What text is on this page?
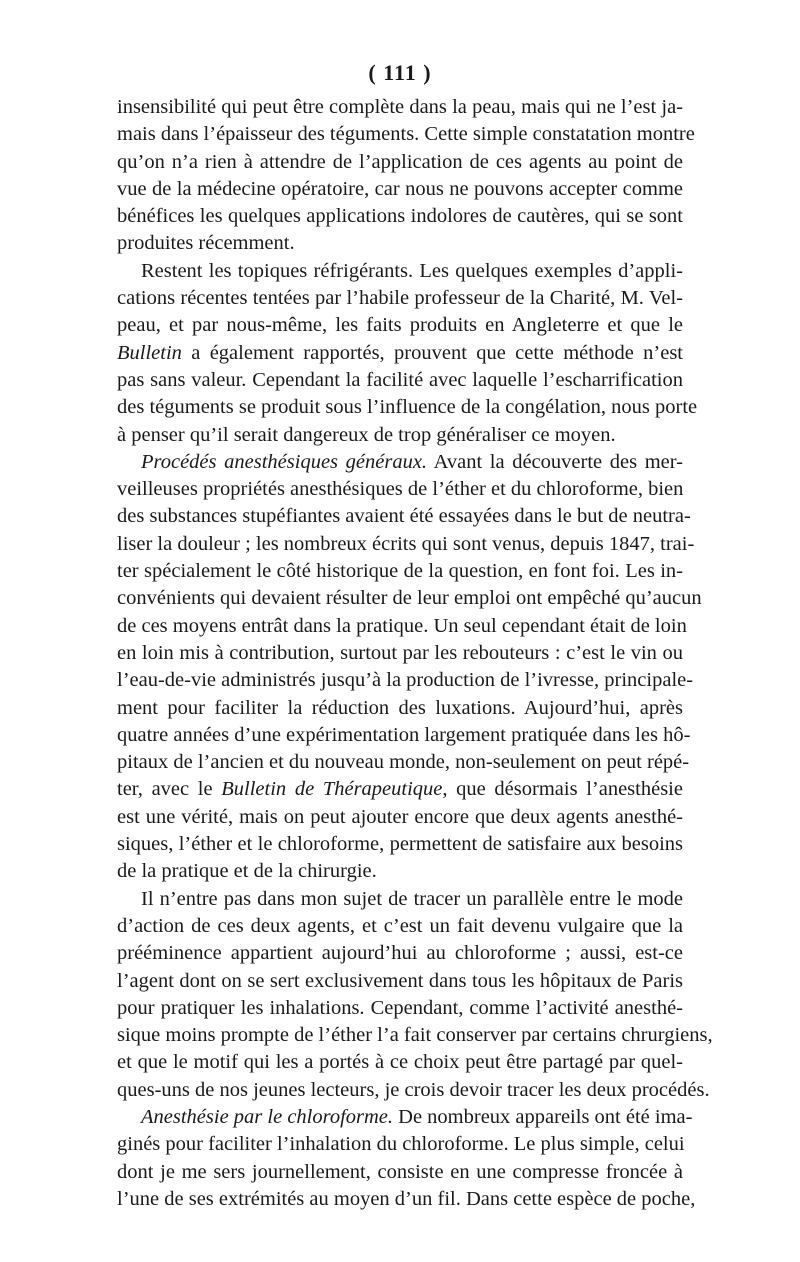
( 111 )
insensibilité qui peut être complète dans la peau, mais qui ne l’est ja-
mais dans l’épaisseur des téguments. Cette simple constatation montre
qu’on n’a rien à attendre de l’application de ces agents au point de
vue de la médecine opératoire, car nous ne pouvons accepter comme
bénéfices les quelques applications indolores de cautères, qui se sont
produites récemment.
Restent les topiques réfrigérants. Les quelques exemples d’appli-
cations récentes tentées par l’habile professeur de la Charité, M. Vel-
peau, et par nous-même, les faits produits en Angleterre et que le
Bulletin a également rapportés, prouvent que cette méthode n’est
pas sans valeur. Cependant la facilité avec laquelle l’escharrification
des téguments se produit sous l’influence de la congélation, nous porte
à penser qu’il serait dangereux de trop généraliser ce moyen.
Procédés anesthésiques généraux. Avant la découverte des mer-
veilleuses propriétés anesthésiques de l’éther et du chloroforme, bien
des substances stupéfiantes avaient été essayées dans le but de neutra-
liser la douleur ; les nombreux écrits qui sont venus, depuis 1847, trai-
ter spécialement le côté historique de la question, en font foi. Les in-
convénients qui devaient résulter de leur emploi ont empêché qu’aucun
de ces moyens entrât dans la pratique. Un seul cependant était de loin
en loin mis à contribution, surtout par les rebouteurs : c’est le vin ou
l’eau-de-vie administrés jusqu’à la production de l’ivresse, principale-
ment pour faciliter la réduction des luxations. Aujourd’hui, après
quatre années d’une expérimentation largement pratiquée dans les hô-
pitaux de l’ancien et du nouveau monde, non-seulement on peut répé-
ter, avec le Bulletin de Thérapeutique, que désormais l’anesthésie
est une vérité, mais on peut ajouter encore que deux agents anesthé-
siques, l’éther et le chloroforme, permettent de satisfaire aux besoins
de la pratique et de la chirurgie.
Il n’entre pas dans mon sujet de tracer un parallèle entre le mode
d’action de ces deux agents, et c’est un fait devenu vulgaire que la
prééminence appartient aujourd’hui au chloroforme ; aussi, est-ce
l’agent dont on se sert exclusivement dans tous les hôpitaux de Paris
pour pratiquer les inhalations. Cependant, comme l’activité anesthé-
sique moins prompte de l’éther l’a fait conserver par certains chrurgiens,
et que le motif qui les a portés à ce choix peut être partagé par quel-
ques-uns de nos jeunes lecteurs, je crois devoir tracer les deux procédés.
Anesthésie par le chloroforme. De nombreux appareils ont été ima-
ginés pour faciliter l’inhalation du chloroforme. Le plus simple, celui
dont je me sers journellement, consiste en une compresse froncée à
l’une de ses extrémités au moyen d’un fil. Dans cette espèce de poche,
